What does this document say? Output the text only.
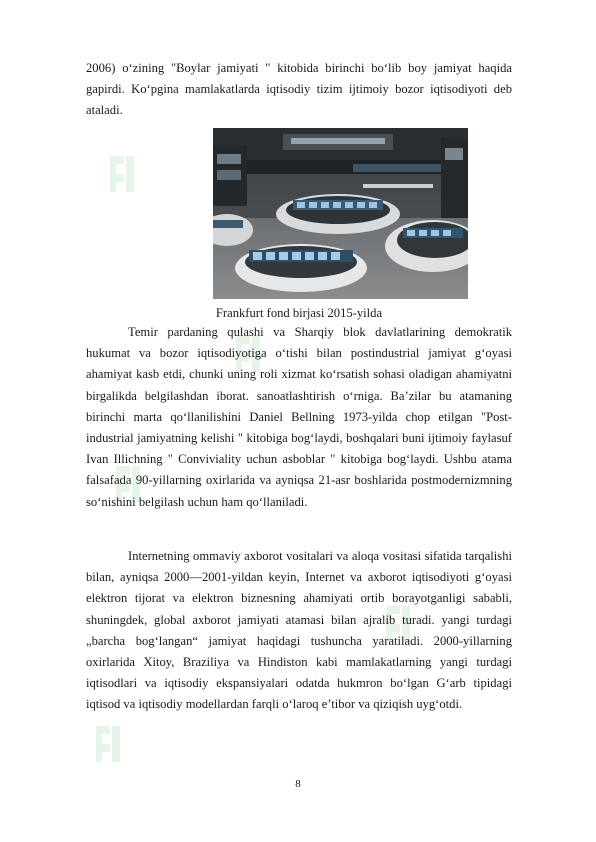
2006) o‘zining "Boylar jamiyati " kitobida birinchi bo‘lib boy jamiyat haqida gapirdi. Ko‘pgina mamlakatlarda iqtisodiy tizim ijtimoiy bozor iqtisodiyoti deb ataladi.

Frankfurt fond birjasi 2015-yilda

Temir pardaning qulashi va Sharqiy blok davlatlarining demokratik hukumat va bozor iqtisodiyotiga o‘tishi bilan postindustrial jamiyat g‘oyasi ahamiyat kasb etdi, chunki uning roli xizmat ko‘rsatish sohasi oladigan ahamiyatni birgalikda belgilashdan iborat. sanoatlashtirish o‘rniga. Ba’zilar bu atamaning birinchi marta qo‘llanilishini Daniel Bellning 1973-yilda chop etilgan "Post-industrial jamiyatning kelishi " kitobiga bog‘laydi, boshqalari buni ijtimoiy faylasuf Ivan Illichning " Conviviality uchun asboblar " kitobiga bog‘laydi. Ushbu atama falsafada 90-yillarning oxirlarida va ayniqsa 21-asr boshlarida postmodernizmning so‘nishini belgilash uchun ham qo‘llaniladi.

Internetning ommaviy axborot vositalari va aloqa vositasi sifatida tarqalishi bilan, ayniqsa 2000—2001-yildan keyin, Internet va axborot iqtisodiyoti g‘oyasi elektron tijorat va elektron biznesning ahamiyati ortib borayotganligi sababli, shuningdek, global axborot jamiyati atamasi bilan ajralib turadi. yangi turdagi „barcha bog‘langan“ jamiyat haqidagi tushuncha yaratiladi. 2000-yillarning oxirlarida Xitoy, Braziliya va Hindiston kabi mamlakatlarning yangi turdagi iqtisodlari va iqtisodiy ekspansiyalari odatda hukmron bo‘lgan G‘arb tipidagi iqtisod va iqtisodiy modellardan farqli o‘laroq e’tibor va qiziqish uyg‘otdi.

8
